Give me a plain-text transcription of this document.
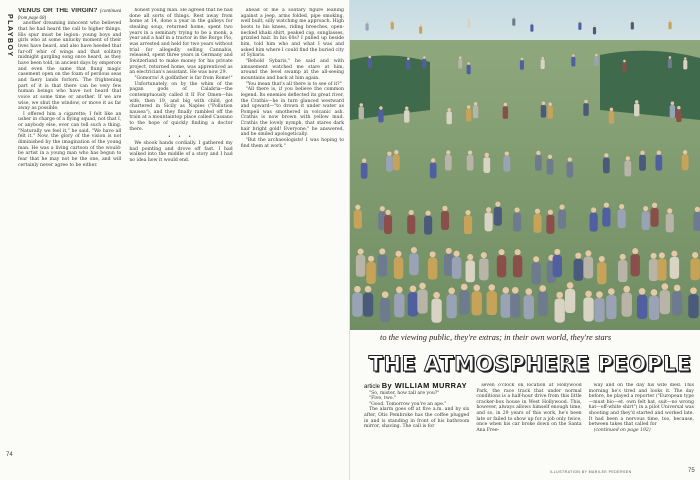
PLAYBOY

VENUS OR THE VIRGIN? (continued from page 68)

another dreaming innocent who believed that he had heard the call to higher things. His spur must be legion: young boys and girls who at some unlucky moment of their lives have heard, and also have heeded that far-off whir of wings and that solitary midnight gargling song once heard, as they have been told, in ancient days by emperors and even the same that flung magic casement open on the foam of perilous seas and faery lands forlorn. The frightening part of it is that there can be very few human beings who have not heard that voice at some time or another. If we are wise, we shut the window, or move it as far away as possible.

I offered him a cigarette; I felt like an usher in charge of a flying squad, not that I, or anybody else, ever can tell such a thing. "Naturally we feel it," he said. "We have all felt it." Now, the glory of the vision is not diminished by the imagination of the young man. He was a living cartoon of the would-be artist in a young man who has begun to fear that he may not be the one, and will certainly never agree to be either.

honest young man. He agreed that he had done all sorts of things. Rest away from home at 14, done a year in the galleys for stealing soup, returned home, spent two years in a seminary trying to be a monk, a year and a half in a tractor in the Borgo Pio, was arrested and held for two years without trial for allegedly selling Cannabis, released, spent three years in Germany and Switzerland to make money for his private project, returned home, was apprenticed as an electrician's assistant. He was now 29.

"Gomorra! A godfather is far from Rome!"

Unfortunately, on by the whim of the pagan gods of Calabria—the contemptuously called it II For Omen—his wife, then 19, and big with child, got chartered in Sicily as Naples ("Pollution nausea"), and they finally rambled off the train at a mountaintop place called Cassano to the hope of quickly finding a doctor there.

• • •

We shook hands cordially. I gathered my bad pointing and drove off fast. I had walked into the middle of a story and I had no idea how it would end.

ahead of me a solitary figure leaning against a jeep, arms folded, pipe smoking, well built, silly watching me approach. High boots to his knees, riding breeches, open-necked khaki shirt, peaked cap, sunglasses, grizzled hair. In his 60s? I pulled up beside him, told him who and what I was and asked him where I could find the buried city of Sybaris.

"Behold Sybaris," he said and with amusement watched me stare at him, around the level swamp at the all-seeing mountains and back at him again.

"You mean that's all there is to see of it?"

"All there is, if you believe the common legend. Its enemies deflected its great river, the Crathis—he in turn glanced westward and upward—"to drown it under water as Pompeii was smothered in volcanic ash. Crathis is now brown with yellow mud. Crathis the lovely nymph, that stares dark hair bright gold! Everyone," he answered, and he smiled apologetically.

"But the archaeologists! I was hoping to find them at work."

74
to the viewing public, they're extras; in their own world, they're stars
THE ATMOSPHERE PEOPLE

article By WILLIAM MURRAY

"So, mister, how tall are you?"

"Five, two."

"Good. Tomorrow you're an ape."

The alarm goes off at five a.m. and by six after, Otis Pembroke has the coffee plugged in and is standing in front of his bathroom mirror, shaving. The call is for

seven o'clock on location at Hollywood Park, the race track that under normal conditions is a half-hour drive from this little cracker-box house in West Hollywood. This, however, always allows himself enough time, and so, in 29 years of this work, he's been late or failed to show up for a job only twice, once when his car broke down on the Santa Ana Free-

way and on the day his wife died. This morning he's tired and looks it. The day before, he played a reporter ("European type—must bio—et. own felt hat, suit—no wrong hat—off-white shirt") in a pilot Universal was shooting and they'd started and worked late. It had been a nervous time, too, because, between takes that called for

(continued on page 192)

ILLUSTRATION BY MARILEE PEDERSEN	75
